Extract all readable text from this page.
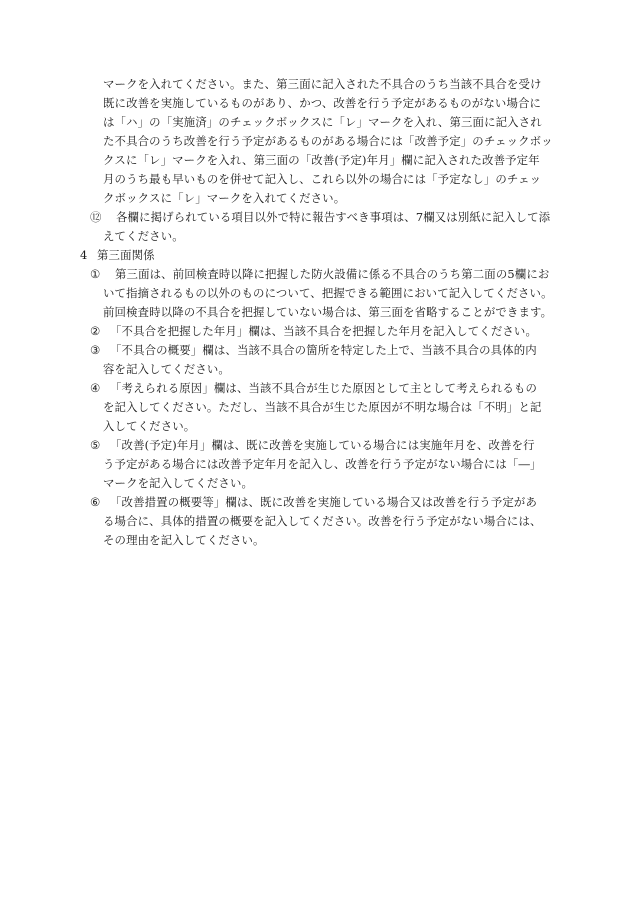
マークを入れてください。また、第三面に記入された不具合のうち当該不具合を受け
既に改善を実施しているものがあり、かつ、改善を行う予定があるものがない場合に
は「ハ」の「実施済」のチェックボックスに「レ」マークを入れ、第三面に記入され
た不具合のうち改善を行う予定があるものがある場合には「改善予定」のチェックボッ
クスに「レ」マークを入れ、第三面の「改善(予定)年月」欄に記入された改善予定年
月のうち最も早いものを併せて記入し、これら以外の場合には「予定なし」のチェッ
クボックスに「レ」マークを入れてください。
⑫ 各欄に掲げられている項目以外で特に報告すべき事項は、7欄又は別紙に記入して添
えてください。
4 第三面関係
① 第三面は、前回検査時以降に把握した防火設備に係る不具合のうち第二面の5欄にお
いて指摘されるもの以外のものについて、把握できる範囲において記入してください。
前回検査時以降の不具合を把握していない場合は、第三面を省略することができます。
② 「不具合を把握した年月」欄は、当該不具合を把握した年月を記入してください。
③ 「不具合の概要」欄は、当該不具合の箇所を特定した上で、当該不具合の具体的内
容を記入してください。
④ 「考えられる原因」欄は、当該不具合が生じた原因として主として考えられるもの
を記入してください。ただし、当該不具合が生じた原因が不明な場合は「不明」と記
入してください。
⑤ 「改善(予定)年月」欄は、既に改善を実施している場合には実施年月を、改善を行
う予定がある場合には改善予定年月を記入し、改善を行う予定がない場合には「―」
マークを記入してください。
⑥ 「改善措置の概要等」欄は、既に改善を実施している場合又は改善を行う予定があ
る場合に、具体的措置の概要を記入してください。改善を行う予定がない場合には、
その理由を記入してください。
